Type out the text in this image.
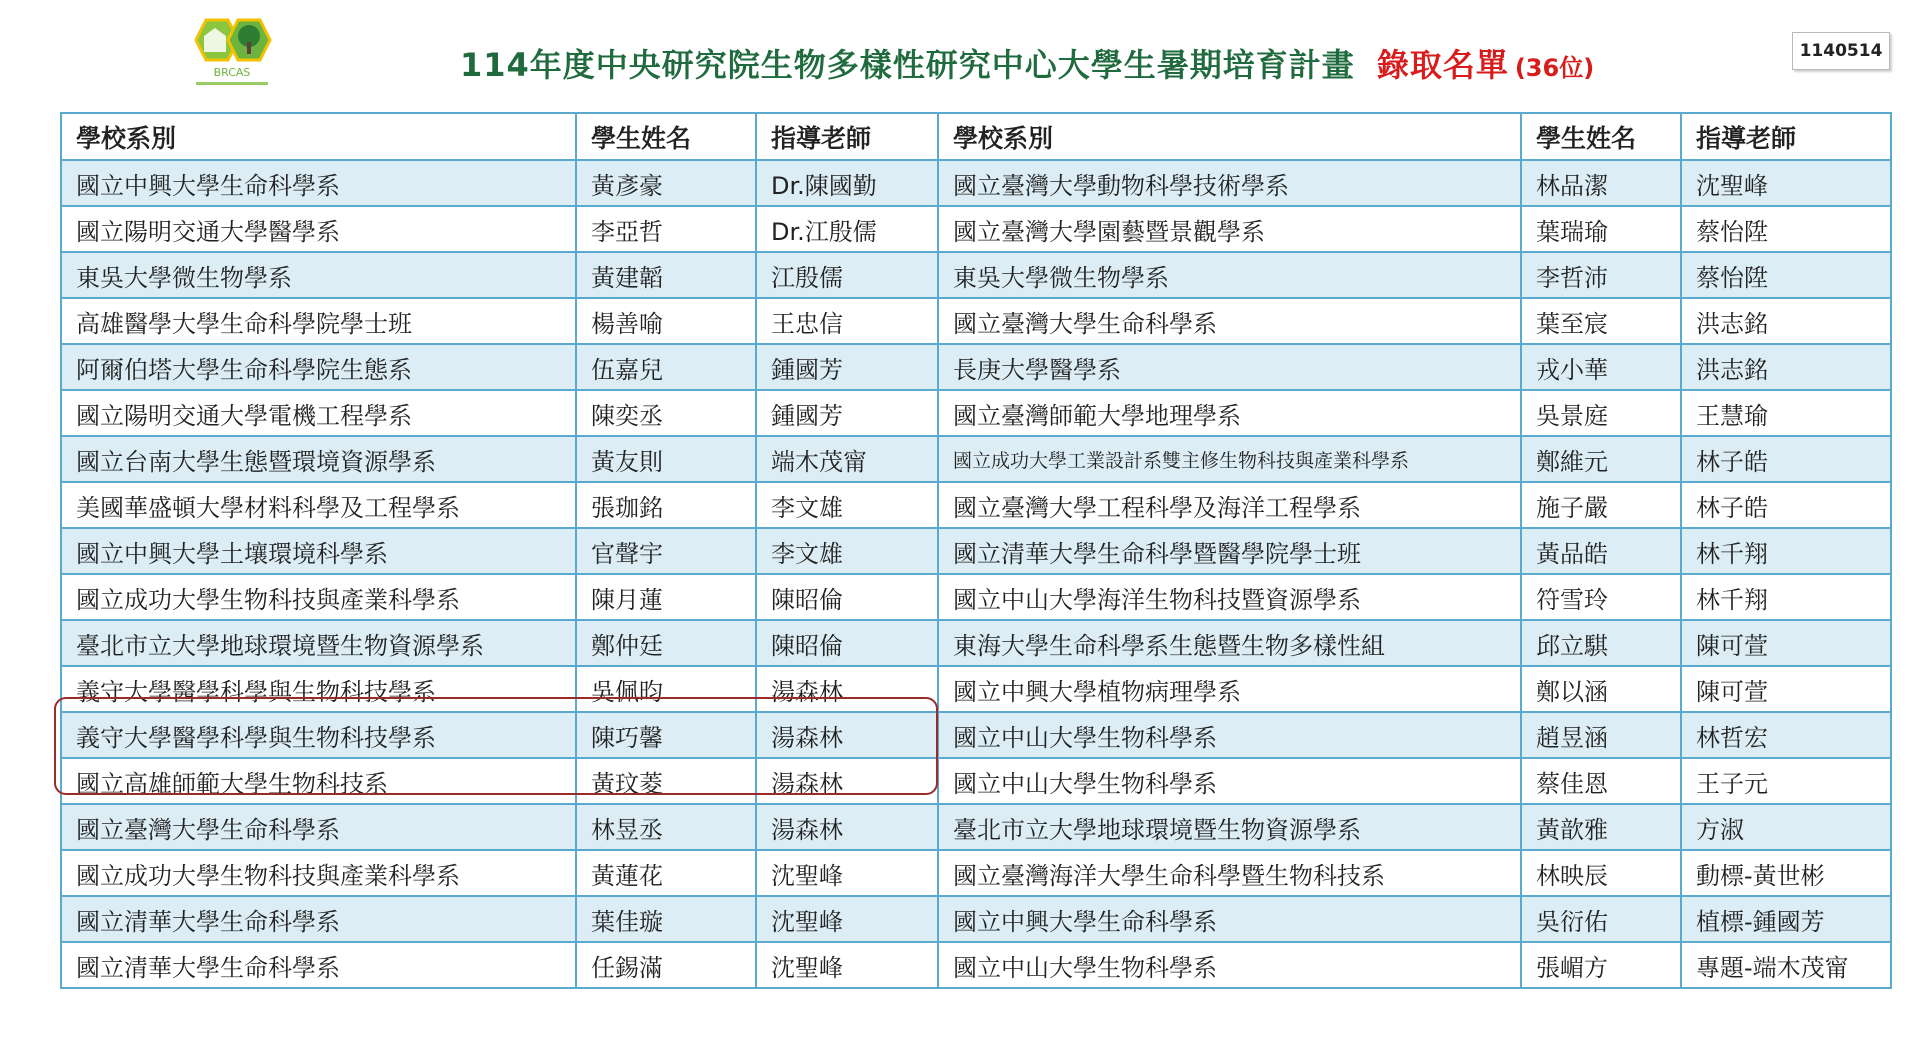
BRCAS	114年度中央研究院生物多樣性研究中心大學生暑期培育計畫 錄取名單 (36位)
1140514
學校系別	學生姓名	指導老師	學校系別	學生姓名	指導老師
國立中興大學生命科學系	黃彥豪	Dr.陳國勤	國立臺灣大學動物科學技術學系	林品潔	沈聖峰
國立陽明交通大學醫學系	李亞哲	Dr.江殷儒	國立臺灣大學園藝暨景觀學系	葉瑞瑜	蔡怡陞
東吳大學微生物學系	黃建韜	江殷儒	東吳大學微生物學系	李哲沛	蔡怡陞
高雄醫學大學生命科學院學士班	楊善喻	王忠信	國立臺灣大學生命科學系	葉至宸	洪志銘
阿爾伯塔大學生命科學院生態系	伍嘉兒	鍾國芳	長庚大學醫學系	戎小華	洪志銘
國立陽明交通大學電機工程學系	陳奕丞	鍾國芳	國立臺灣師範大學地理學系	吳景庭	王慧瑜
國立台南大學生態暨環境資源學系	黃友則	端木茂甯	國立成功大學工業設計系雙主修生物科技與產業科學系	鄭維元	林子皓
美國華盛頓大學材料科學及工程學系	張珈銘	李文雄	國立臺灣大學工程科學及海洋工程學系	施子嚴	林子皓
國立中興大學土壤環境科學系	官聲宇	李文雄	國立清華大學生命科學暨醫學院學士班	黃品皓	林千翔
國立成功大學生物科技與產業科學系	陳月蓮	陳昭倫	國立中山大學海洋生物科技暨資源學系	符雪玲	林千翔
臺北市立大學地球環境暨生物資源學系	鄭仲廷	陳昭倫	東海大學生命科學系生態暨生物多樣性組	邱立騏	陳可萱
義守大學醫學科學與生物科技學系	吳佩昀	湯森林	國立中興大學植物病理學系	鄭以涵	陳可萱
義守大學醫學科學與生物科技學系	陳巧馨	湯森林	國立中山大學生物科學系	趙昱涵	林哲宏
國立高雄師範大學生物科技系	黃玟菱	湯森林	國立中山大學生物科學系	蔡佳恩	王子元
國立臺灣大學生命科學系	林昱丞	湯森林	臺北市立大學地球環境暨生物資源學系	黃歆雅	方淑
國立成功大學生物科技與產業科學系	黃蓮花	沈聖峰	國立臺灣海洋大學生命科學暨生物科技系	林映辰	動標-黃世彬
國立清華大學生命科學系	葉佳璇	沈聖峰	國立中興大學生命科學系	吳衍佑	植標-鍾國芳
國立清華大學生命科學系	任錫滿	沈聖峰	國立中山大學生物科學系	張嵋方	專題-端木茂甯
